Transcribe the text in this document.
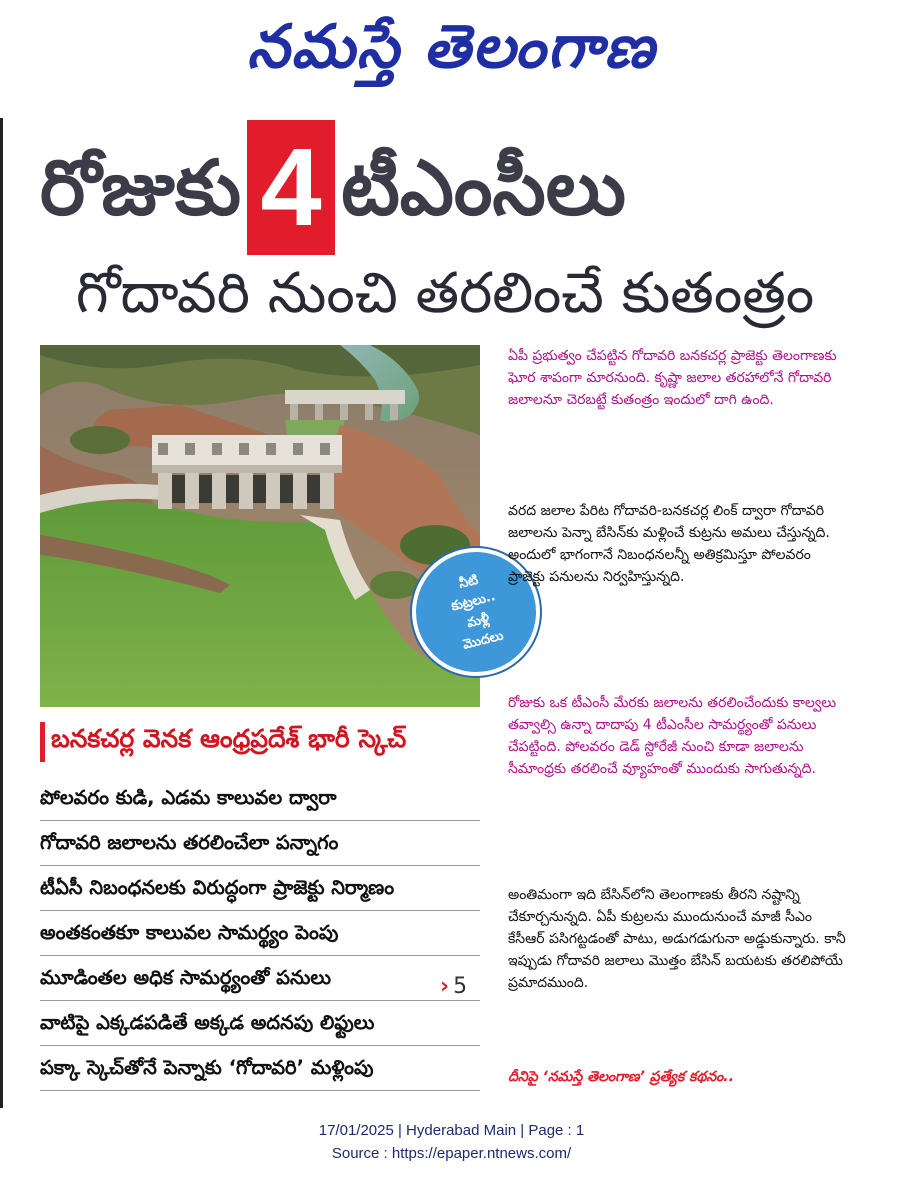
నమస్తే తెలంగాణ
రోజుకు 4 టీఎంసీలు
గోదావరి నుంచి తరలించే కుతంత్రం
నీటి
కుట్రలు..
మళ్లీ
మొదలు
బనకచర్ల వెనక ఆంధ్రప్రదేశ్ భారీ స్కెచ్
పోలవరం కుడి, ఎడమ కాలువల ద్వారా
గోదావరి జలాలను తరలించేలా పన్నాగం
టీఏసీ నిబంధనలకు విరుద్ధంగా ప్రాజెక్టు నిర్మాణం
అంతకంతకూ కాలువల సామర్థ్యం పెంపు
మూడింతల అధిక సామర్థ్యంతో పనులు
వాటిపై ఎక్కడపడితే అక్కడ అదనపు లిఫ్టులు
పక్కా స్కెచ్‌తోనే పెన్నాకు ‘గోదావరి’ మళ్లింపు
› 5
ఏపీ ప్రభుత్వం చేపట్టిన గోదావరి బనకచర్ల ప్రాజెక్టు తెలంగాణకు ఘోర శాపంగా మారనుంది. కృష్ణా జలాల తరహాలోనే గోదావరి జలాలనూ చెరబట్టే కుతంత్రం ఇందులో దాగి ఉంది.
వరద జలాల పేరిట గోదావరి-బనకచర్ల లింక్ ద్వారా గోదావరి జలాలను పెన్నా బేసిన్‌కు మళ్లించే కుట్రను అమలు చేస్తున్నది. అందులో భాగంగానే నిబంధనలన్నీ అతిక్రమిస్తూ పోలవరం ప్రాజెక్టు పనులను నిర్వహిస్తున్నది.
రోజుకు ఒక టీఎంసీ మేరకు జలాలను తరలించేందుకు కాల్వలు తవ్వాల్సి ఉన్నా దాదాపు 4 టీఎంసీల సామర్థ్యంతో పనులు చేపట్టింది. పోలవరం డెడ్ స్టోరేజీ నుంచి కూడా జలాలను సీమాంధ్రకు తరలించే వ్యూహంతో ముందుకు సాగుతున్నది.
అంతిమంగా ఇది బేసిన్‌లోని తెలంగాణకు తీరని నష్టాన్ని చేకూర్చనున్నది. ఏపీ కుట్రలను ముందునుంచే మాజీ సీఎం కేసీఆర్ పసిగట్టడంతో పాటు, అడుగడుగునా అడ్డుకున్నారు. కానీ ఇప్పుడు గోదావరి జలాలు మొత్తం బేసిన్ బయటకు తరలిపోయే ప్రమాదముంది.
దీనిపై ‘నమస్తే తెలంగాణ’ ప్రత్యేక కథనం..
17/01/2025 | Hyderabad Main | Page : 1
Source : https://epaper.ntnews.com/
